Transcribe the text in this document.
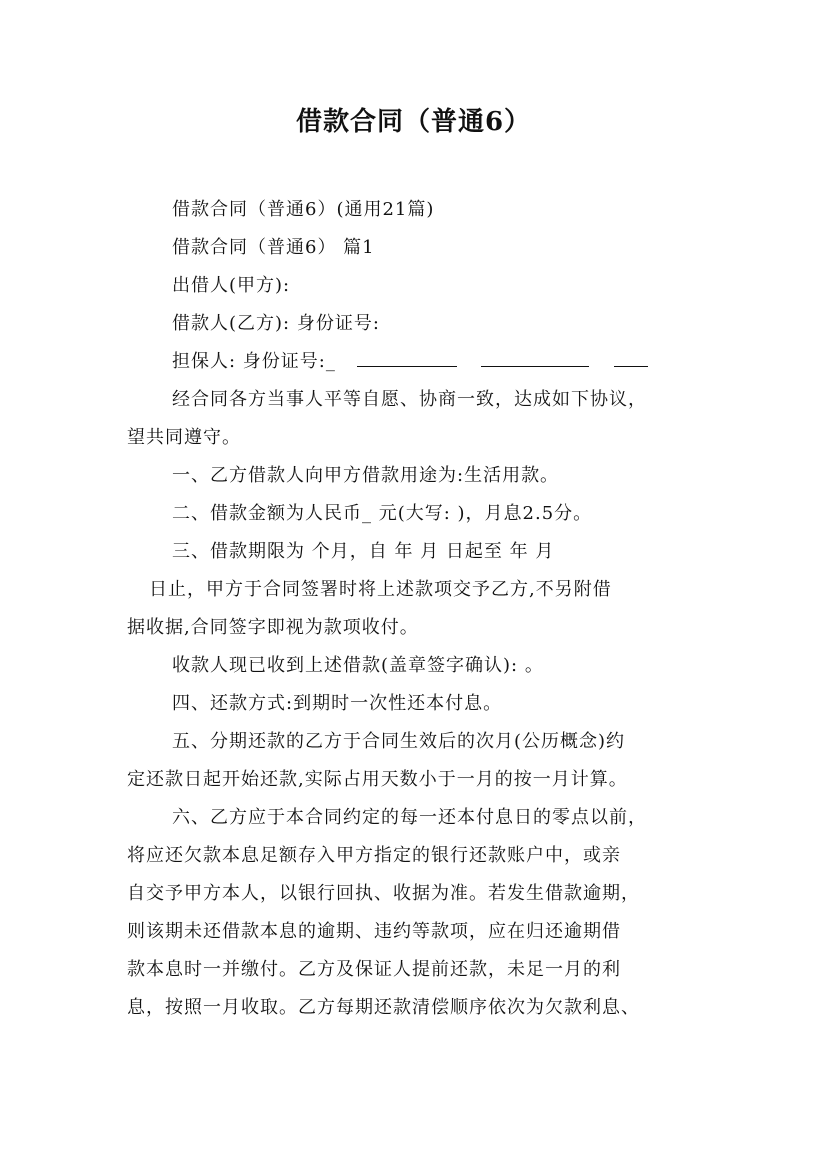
借款合同（普通6）
借款合同（普通6）(通用21篇)
借款合同（普通6） 篇1
出借人(甲方):
借款人(乙方): 身份证号:
担保人: 身份证号:_
经合同各方当事人平等自愿、协商一致，达成如下协议，
望共同遵守。
一、乙方借款人向甲方借款用途为:生活用款。
二、借款金额为人民币_ 元(大写: )，月息2.5分。
三、借款期限为 个月，自 年 月 日起至 年 月
日止，甲方于合同签署时将上述款项交予乙方,不另附借
据收据,合同签字即视为款项收付。
收款人现已收到上述借款(盖章签字确认): 。
四、还款方式:到期时一次性还本付息。
五、分期还款的乙方于合同生效后的次月(公历概念)约
定还款日起开始还款,实际占用天数小于一月的按一月计算。
六、乙方应于本合同约定的每一还本付息日的零点以前，
将应还欠款本息足额存入甲方指定的银行还款账户中，或亲
自交予甲方本人，以银行回执、收据为准。若发生借款逾期，
则该期未还借款本息的逾期、违约等款项，应在归还逾期借
款本息时一并缴付。乙方及保证人提前还款，未足一月的利
息，按照一月收取。乙方每期还款清偿顺序依次为欠款利息、
